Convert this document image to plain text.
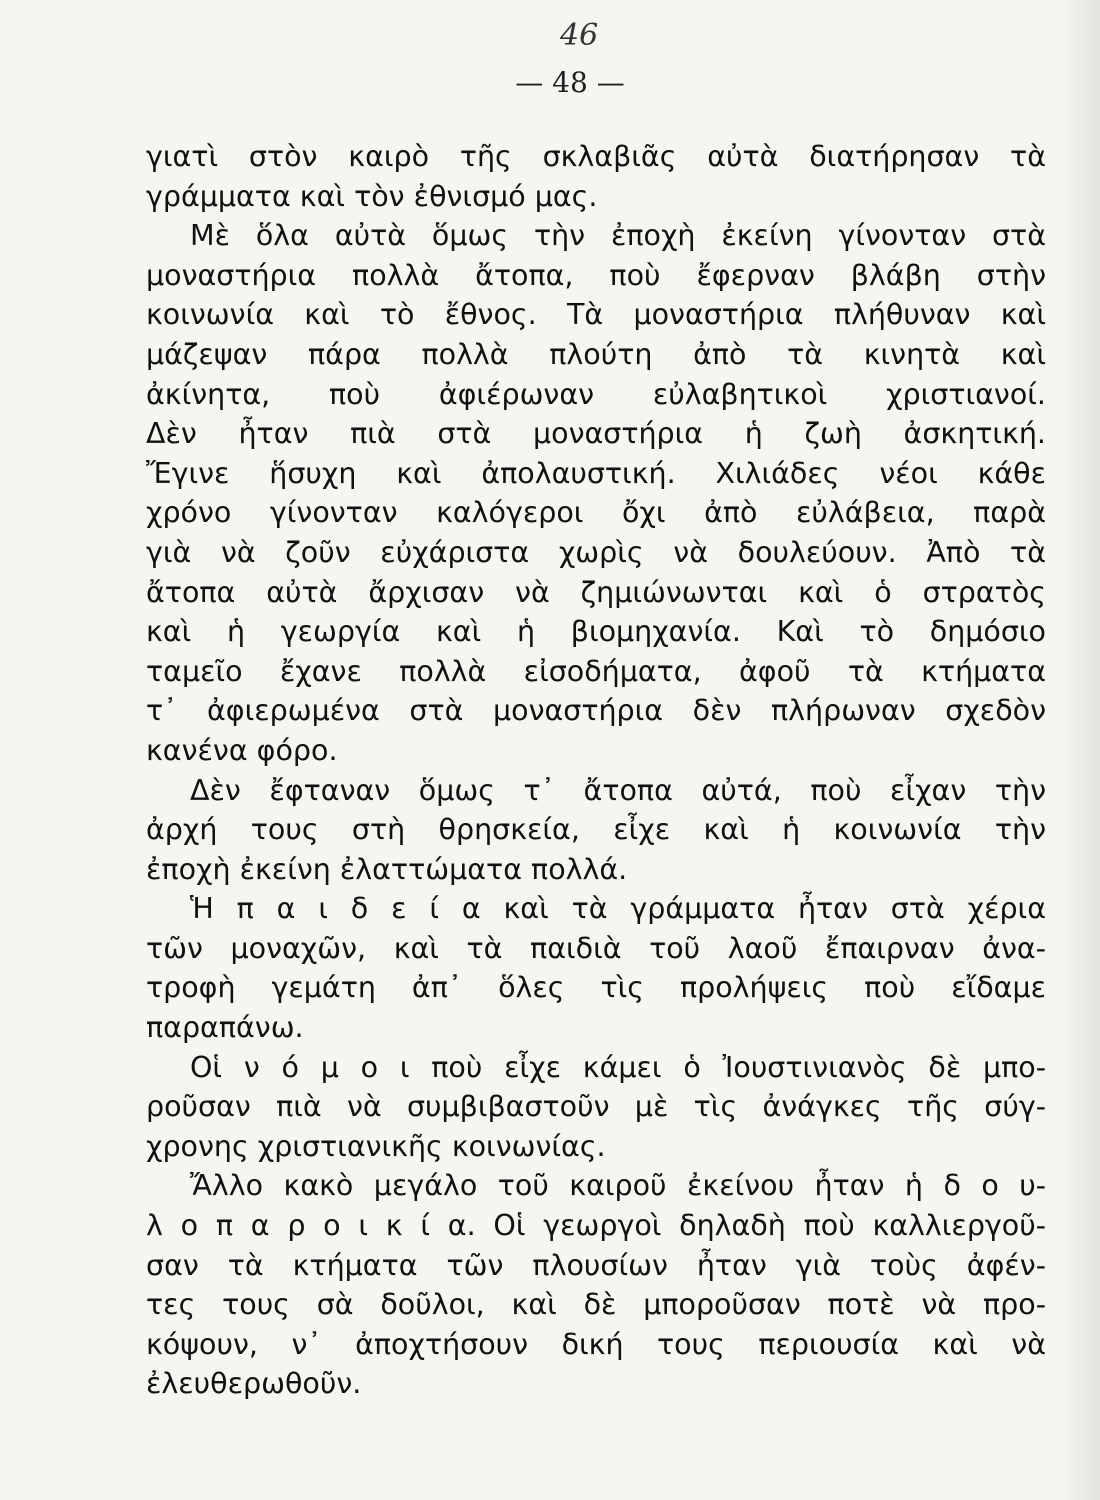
46
— 48 —
γιατὶ στὸν καιρὸ τῆς σκλαβιᾶς αὐτὰ διατήρησαν τὰ
γράμματα καὶ τὸν ἐθνισμό μας.
Μὲ ὅλα αὐτὰ ὅμως τὴν ἐποχὴ ἐκείνη γίνονταν στὰ
μοναστήρια πολλὰ ἄτοπα, ποὺ ἔφερναν βλάβη στὴν
κοινωνία καὶ τὸ ἔθνος. Τὰ μοναστήρια πλήθυναν καὶ
μάζεψαν πάρα πολλὰ πλούτη ἀπὸ τὰ κινητὰ καὶ
ἀκίνητα, ποὺ ἀφιέρωναν εὐλαβητικοὶ χριστιανοί.
Δὲν ἦταν πιὰ στὰ μοναστήρια ἡ ζωὴ ἀσκητική.
Ἔγινε ἥσυχη καὶ ἀπολαυστική. Χιλιάδες νέοι κάθε
χρόνο γίνονταν καλόγεροι ὄχι ἀπὸ εὐλάβεια, παρὰ
γιὰ νὰ ζοῦν εὐχάριστα χωρὶς νὰ δουλεύουν. Ἀπὸ τὰ
ἄτοπα αὐτὰ ἄρχισαν νὰ ζημιώνωνται καὶ ὁ στρατὸς
καὶ ἡ γεωργία καὶ ἡ βιομηχανία. Καὶ τὸ δημόσιο
ταμεῖο ἔχανε πολλὰ εἰσοδήματα, ἀφοῦ τὰ κτήματα
τ᾽ ἀφιερωμένα στὰ μοναστήρια δὲν πλήρωναν σχεδὸν
κανένα φόρο.
Δὲν ἔφταναν ὅμως τ᾽ ἄτοπα αὐτά, ποὺ εἶχαν τὴν
ἀρχή τους στὴ θρησκεία, εἶχε καὶ ἡ κοινωνία τὴν
ἐποχὴ ἐκείνη ἐλαττώματα πολλά.
Ἡ π α ι δ ε ί α καὶ τὰ γράμματα ἦταν στὰ χέρια
τῶν μοναχῶν, καὶ τὰ παιδιὰ τοῦ λαοῦ ἔπαιρναν ἀνα-
τροφὴ γεμάτη ἀπ᾽ ὅλες τὶς προλήψεις ποὺ εἴδαμε
παραπάνω.
Οἱ ν ό μ ο ι ποὺ εἶχε κάμει ὁ Ἰουστινιανὸς δὲ μπο-
ροῦσαν πιὰ νὰ συμβιβαστοῦν μὲ τὶς ἀνάγκες τῆς σύγ-
χρονης χριστιανικῆς κοινωνίας.
Ἄλλο κακὸ μεγάλο τοῦ καιροῦ ἐκείνου ἦταν ἡ δ ο υ-
λ ο π α ρ ο ι κ ί α. Οἱ γεωργοὶ δηλαδὴ ποὺ καλλιεργοῦ-
σαν τὰ κτήματα τῶν πλουσίων ἦταν γιὰ τοὺς ἀφέν-
τες τους σὰ δοῦλοι, καὶ δὲ μποροῦσαν ποτὲ νὰ προ-
κόψουν, ν᾽ ἀποχτήσουν δική τους περιουσία καὶ νὰ
ἐλευθερωθοῦν.
